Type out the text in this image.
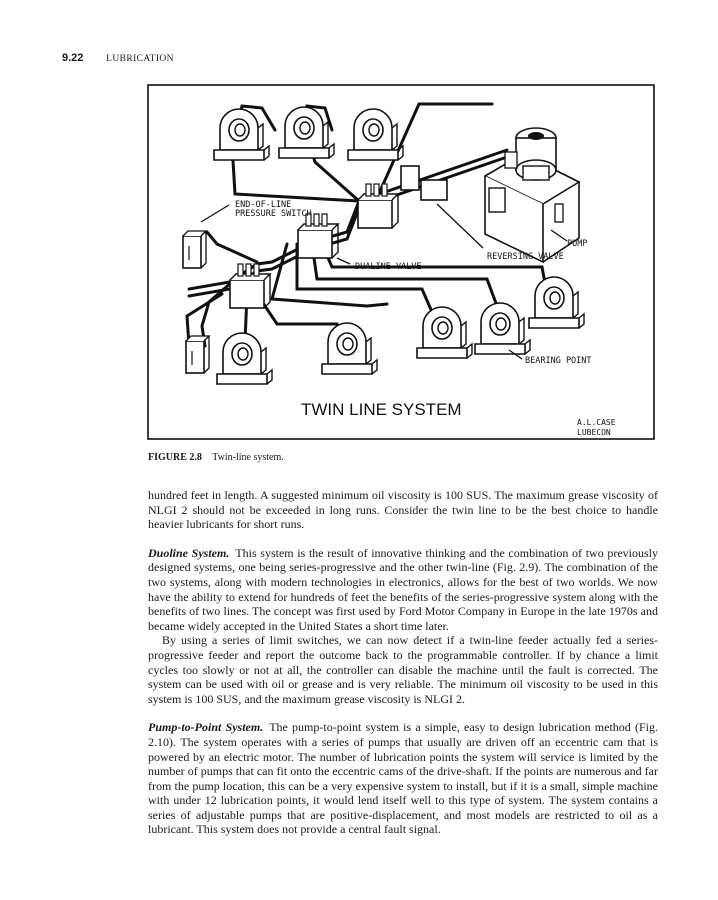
9.22 LUBRICATION
END-OF-LINE
PRESSURE SWITCH
PUMP
REVERSING VALVE
DUALINE VALVE
BEARING POINT
TWIN LINE SYSTEM
A.L.CASE
LUBECON
FIGURE 2.8 Twin-line system.

hundred feet in length. A suggested minimum oil viscosity is 100 SUS. The maximum grease viscosity of NLGI 2 should not be exceeded in long runs. Consider the twin line to be the best choice to handle heavier lubricants for short runs.

Duoline System. This system is the result of innovative thinking and the combination of two previously designed systems, one being series-progressive and the other twin-line (Fig. 2.9). The combination of the two systems, along with modern technologies in electronics, allows for the best of two worlds. We now have the ability to extend for hundreds of feet the benefits of the series-progressive system along with the benefits of two lines. The concept was first used by Ford Motor Company in Europe in the late 1970s and became widely accepted in the United States a short time later.

By using a series of limit switches, we can now detect if a twin-line feeder actually fed a series-progressive feeder and report the outcome back to the programmable controller. If by chance a limit cycles too slowly or not at all, the controller can disable the machine until the fault is corrected. The system can be used with oil or grease and is very reliable. The minimum oil viscosity to be used in this system is 100 SUS, and the maximum grease viscosity is NLGI 2.

Pump-to-Point System. The pump-to-point system is a simple, easy to design lubrication method (Fig. 2.10). The system operates with a series of pumps that usually are driven off an eccentric cam that is powered by an electric motor. The number of lubrication points the system will service is limited by the number of pumps that can fit onto the eccentric cams of the drive-shaft. If the points are numerous and far from the pump location, this can be a very expensive system to install, but if it is a small, simple machine with under 12 lubrication points, it would lend itself well to this type of system. The system contains a series of adjustable pumps that are positive-displacement, and most models are restricted to oil as a lubricant. This system does not provide a central fault signal.
